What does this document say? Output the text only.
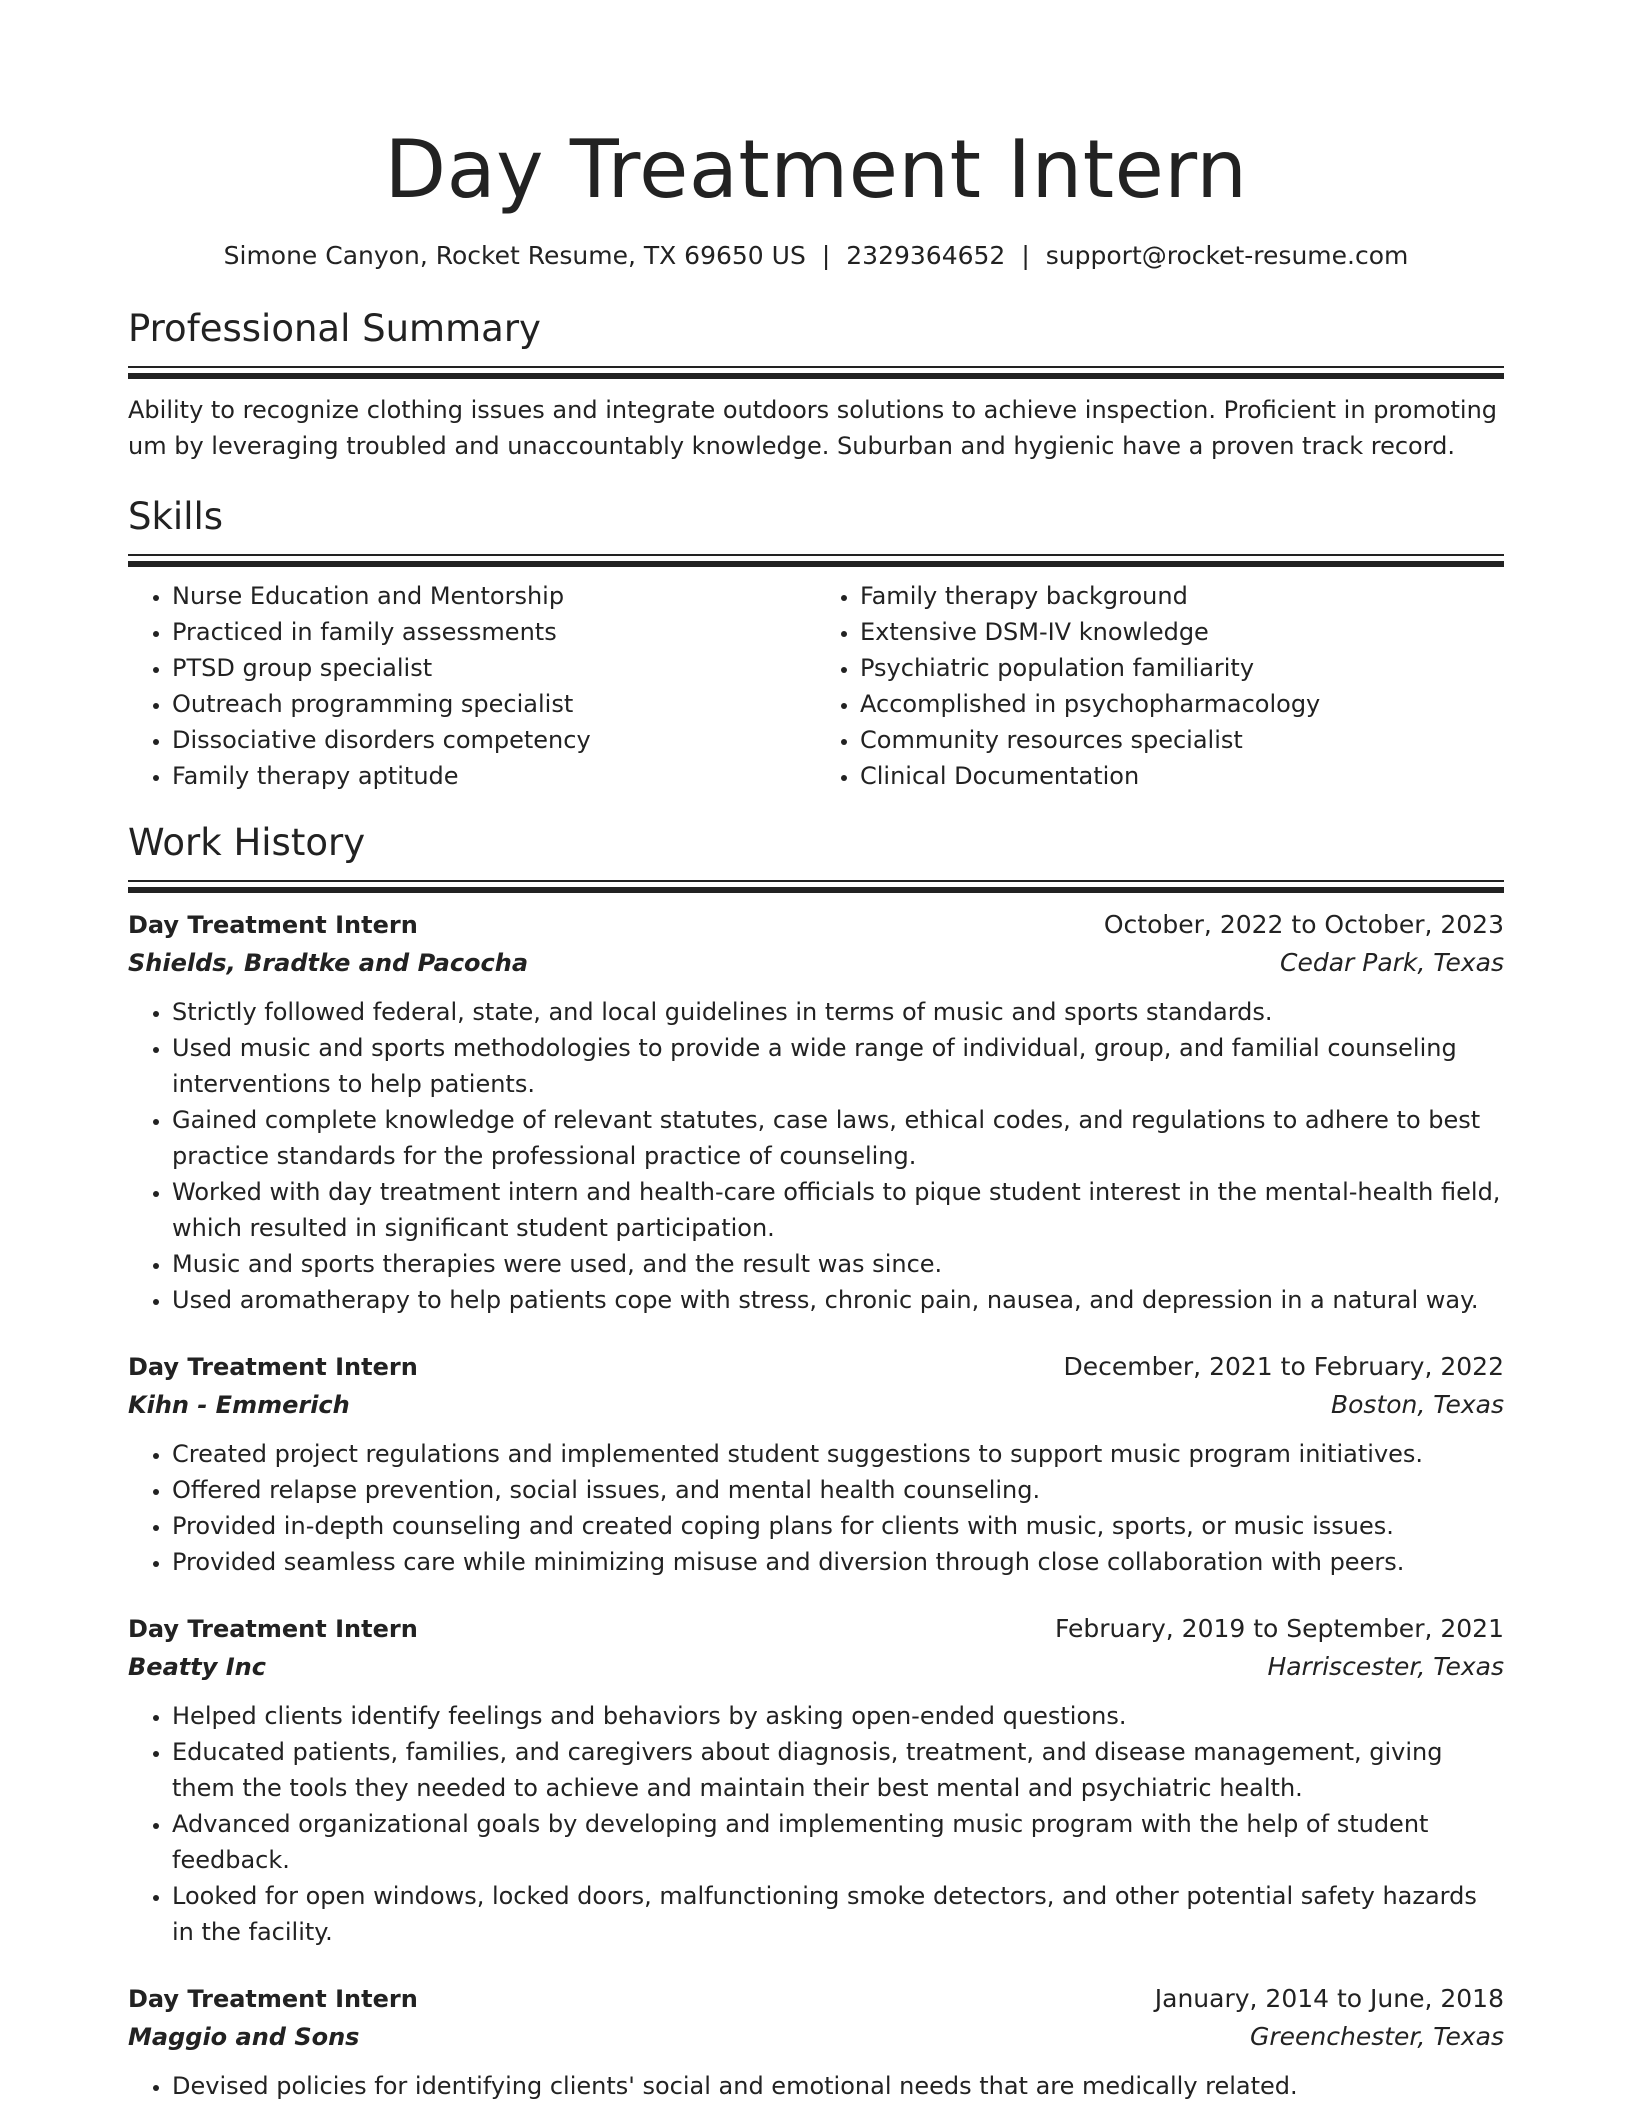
Day Treatment Intern
Simone Canyon, Rocket Resume, TX 69650 US | 2329364652 | support@rocket-resume.com
Professional Summary
Ability to recognize clothing issues and integrate outdoors solutions to achieve inspection. Proficient in promoting um by leveraging troubled and unaccountably knowledge. Suburban and hygienic have a proven track record.
Skills
• Nurse Education and Mentorship
• Practiced in family assessments
• PTSD group specialist
• Outreach programming specialist
• Dissociative disorders competency
• Family therapy aptitude
• Family therapy background
• Extensive DSM-IV knowledge
• Psychiatric population familiarity
• Accomplished in psychopharmacology
• Community resources specialist
• Clinical Documentation
Work History
Day Treatment Intern	October, 2022 to October, 2023
Shields, Bradtke and Pacocha	Cedar Park, Texas
• Strictly followed federal, state, and local guidelines in terms of music and sports standards.
• Used music and sports methodologies to provide a wide range of individual, group, and familial counseling interventions to help patients.
• Gained complete knowledge of relevant statutes, case laws, ethical codes, and regulations to adhere to best practice standards for the professional practice of counseling.
• Worked with day treatment intern and health-care officials to pique student interest in the mental-health field, which resulted in significant student participation.
• Music and sports therapies were used, and the result was since.
• Used aromatherapy to help patients cope with stress, chronic pain, nausea, and depression in a natural way.
Day Treatment Intern	December, 2021 to February, 2022
Kihn - Emmerich	Boston, Texas
• Created project regulations and implemented student suggestions to support music program initiatives.
• Offered relapse prevention, social issues, and mental health counseling.
• Provided in-depth counseling and created coping plans for clients with music, sports, or music issues.
• Provided seamless care while minimizing misuse and diversion through close collaboration with peers.
Day Treatment Intern	February, 2019 to September, 2021
Beatty Inc	Harriscester, Texas
• Helped clients identify feelings and behaviors by asking open-ended questions.
• Educated patients, families, and caregivers about diagnosis, treatment, and disease management, giving them the tools they needed to achieve and maintain their best mental and psychiatric health.
• Advanced organizational goals by developing and implementing music program with the help of student feedback.
• Looked for open windows, locked doors, malfunctioning smoke detectors, and other potential safety hazards in the facility.
Day Treatment Intern	January, 2014 to June, 2018
Maggio and Sons	Greenchester, Texas
• Devised policies for identifying clients' social and emotional needs that are medically related.
